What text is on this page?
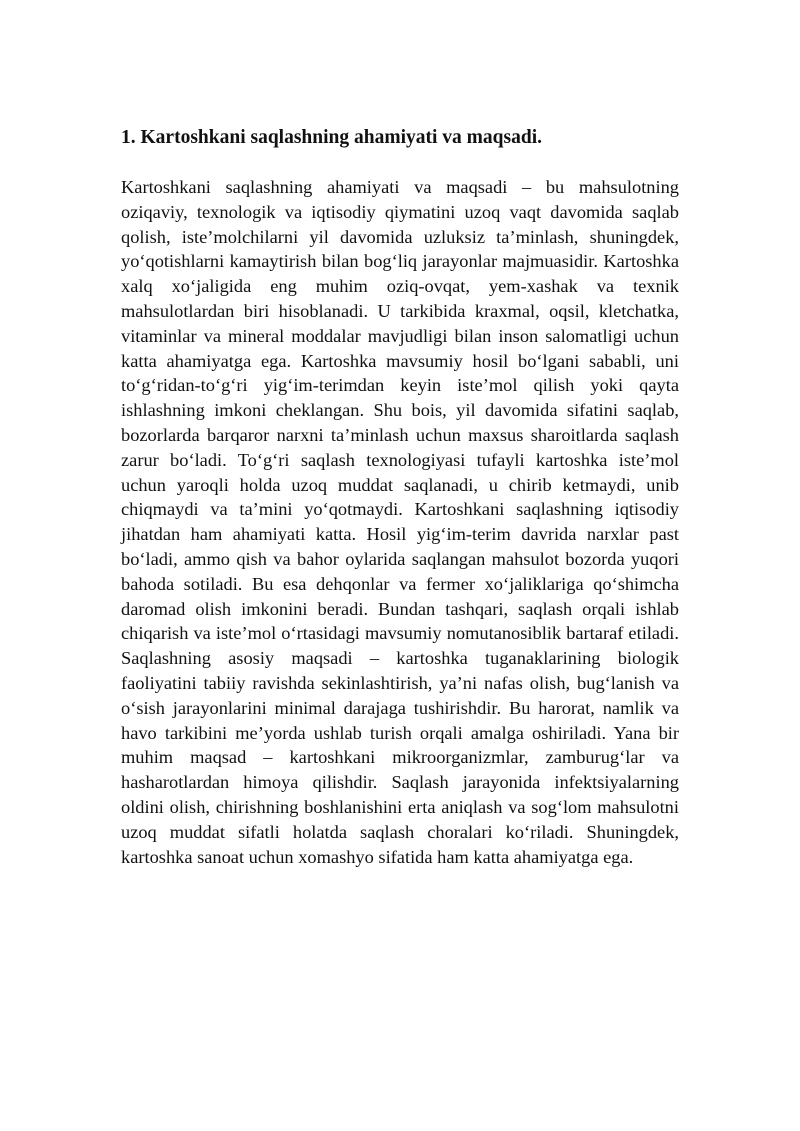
1. Kartoshkani saqlashning ahamiyati va maqsadi.

Kartoshkani saqlashning ahamiyati va maqsadi – bu mahsulotning oziqaviy, texnologik va iqtisodiy qiymatini uzoq vaqt davomida saqlab qolish, iste’molchilarni yil davomida uzluksiz ta’minlash, shuningdek, yo‘qotishlarni kamaytirish bilan bog‘liq jarayonlar majmuasidir. Kartoshka xalq xo‘jaligida eng muhim oziq-ovqat, yem-xashak va texnik mahsulotlardan biri hisoblanadi. U tarkibida kraxmal, oqsil, kletchatka, vitaminlar va mineral moddalar mavjudligi bilan inson salomatligi uchun katta ahamiyatga ega. Kartoshka mavsumiy hosil bo‘lgani sababli, uni to‘g‘ridan-to‘g‘ri yig‘im-terimdan keyin iste’mol qilish yoki qayta ishlashning imkoni cheklangan. Shu bois, yil davomida sifatini saqlab, bozorlarda barqaror narxni ta’minlash uchun maxsus sharoitlarda saqlash zarur bo‘ladi. To‘g‘ri saqlash texnologiyasi tufayli kartoshka iste’mol uchun yaroqli holda uzoq muddat saqlanadi, u chirib ketmaydi, unib chiqmaydi va ta’mini yo‘qotmaydi. Kartoshkani saqlashning iqtisodiy jihatdan ham ahamiyati katta. Hosil yig‘im-terim davrida narxlar past bo‘ladi, ammo qish va bahor oylarida saqlangan mahsulot bozorda yuqori bahoda sotiladi. Bu esa dehqonlar va fermer xo‘jaliklariga qo‘shimcha daromad olish imkonini beradi. Bundan tashqari, saqlash orqali ishlab chiqarish va iste’mol o‘rtasidagi mavsumiy nomutanosiblik bartaraf etiladi. Saqlashning asosiy maqsadi – kartoshka tuganaklarining biologik faoliyatini tabiiy ravishda sekinlashtirish, ya’ni nafas olish, bug‘lanish va o‘sish jarayonlarini minimal darajaga tushirishdir. Bu harorat, namlik va havo tarkibini me’yorda ushlab turish orqali amalga oshiriladi. Yana bir muhim maqsad – kartoshkani mikroorganizmlar, zamburug‘lar va hasharotlardan himoya qilishdir. Saqlash jarayonida infektsiyalarning oldini olish, chirishning boshlanishini erta aniqlash va sog‘lom mahsulotni uzoq muddat sifatli holatda saqlash choralari ko‘riladi. Shuningdek, kartoshka sanoat uchun xomashyo sifatida ham katta ahamiyatga ega.
